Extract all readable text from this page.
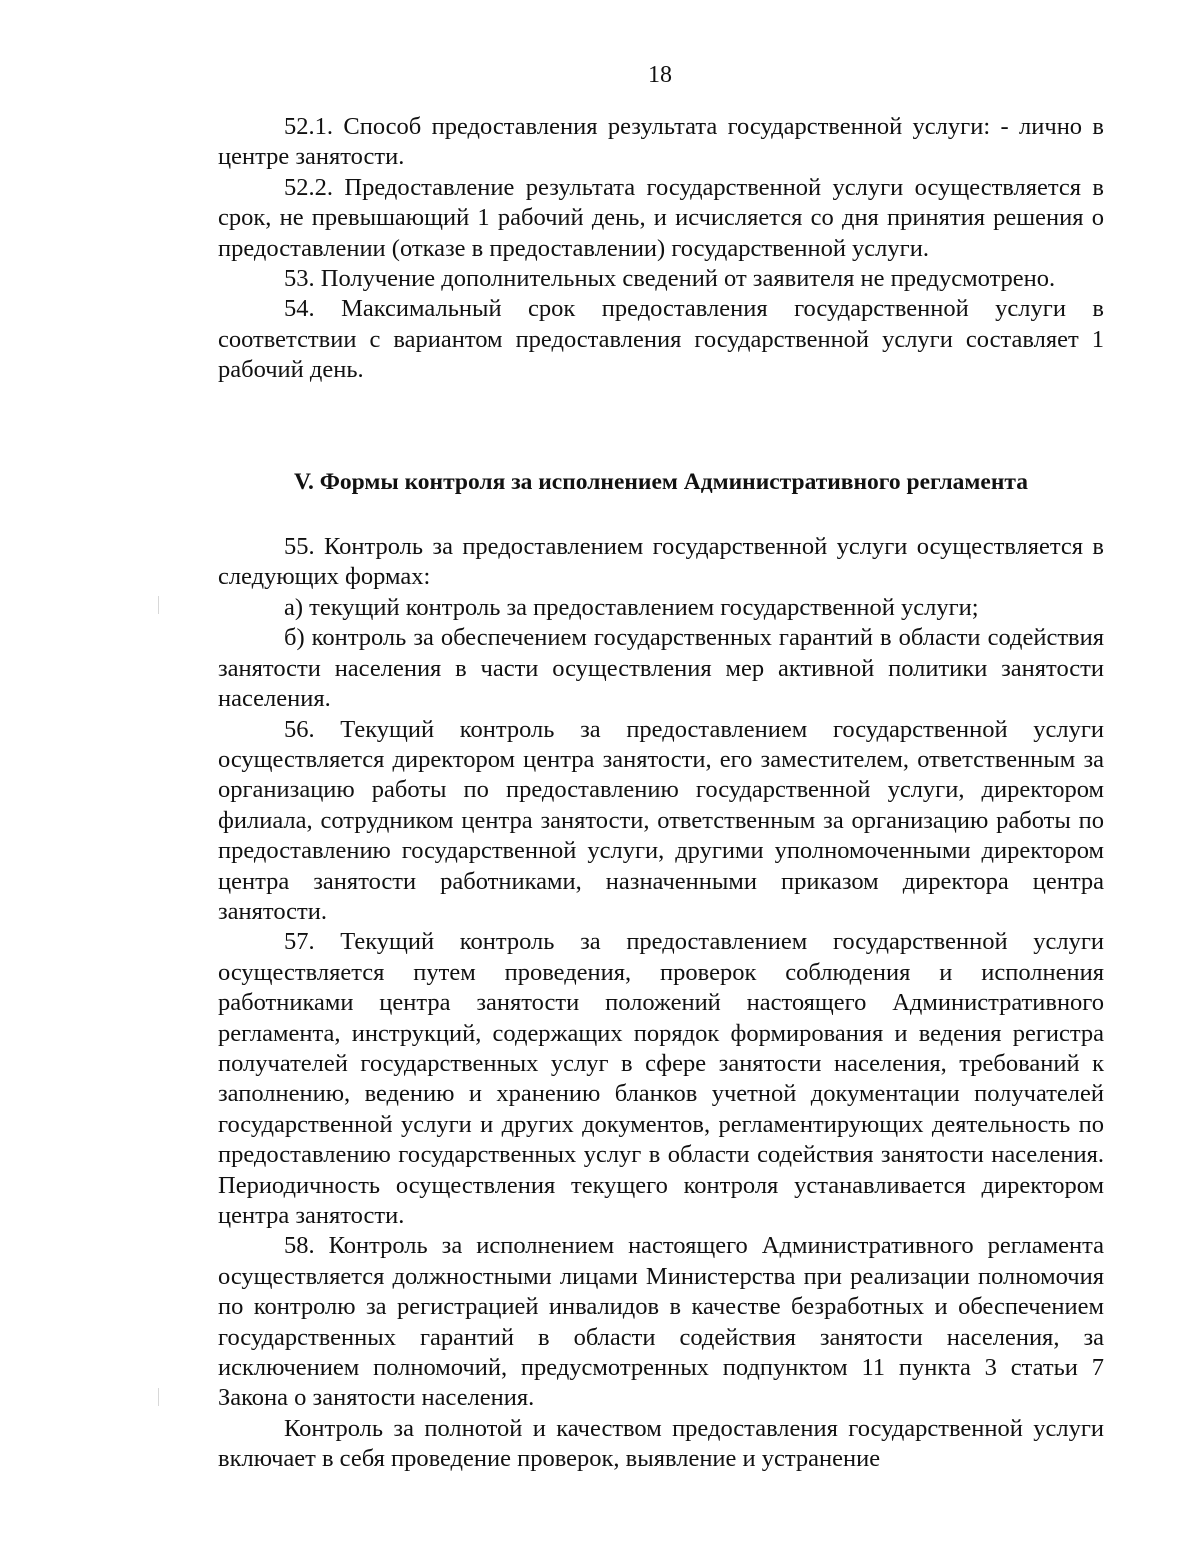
18

52.1. Способ предоставления результата государственной услуги: - лично в центре занятости.

52.2. Предоставление результата государственной услуги осуществляется в срок, не превышающий 1 рабочий день, и исчисляется со дня принятия решения о предоставлении (отказе в предоставлении) государственной услуги.

53. Получение дополнительных сведений от заявителя не предусмотрено.

54. Максимальный срок предоставления государственной услуги в соответствии с вариантом предоставления государственной услуги составляет 1 рабочий день.

V. Формы контроля за исполнением Административного регламента

55. Контроль за предоставлением государственной услуги осуществляется в следующих формах:

а) текущий контроль за предоставлением государственной услуги;

б) контроль за обеспечением государственных гарантий в области содействия занятости населения в части осуществления мер активной политики занятости населения.

56. Текущий контроль за предоставлением государственной услуги осуществляется директором центра занятости, его заместителем, ответственным за организацию работы по предоставлению государственной услуги, директором филиала, сотрудником центра занятости, ответственным за организацию работы по предоставлению государственной услуги, другими уполномоченными директором центра занятости работниками, назначенными приказом директора центра занятости.

57. Текущий контроль за предоставлением государственной услуги осуществляется путем проведения, проверок соблюдения и исполнения работниками центра занятости положений настоящего Административного регламента, инструкций, содержащих порядок формирования и ведения регистра получателей государственных услуг в сфере занятости населения, требований к заполнению, ведению и хранению бланков учетной документации получателей государственной услуги и других документов, регламентирующих деятельность по предоставлению государственных услуг в области содействия занятости населения. Периодичность осуществления текущего контроля устанавливается директором центра занятости.

58. Контроль за исполнением настоящего Административного регламента осуществляется должностными лицами Министерства при реализации полномочия по контролю за регистрацией инвалидов в качестве безработных и обеспечением государственных гарантий в области содействия занятости населения, за исключением полномочий, предусмотренных подпунктом 11 пункта 3 статьи 7 Закона о занятости населения.

Контроль за полнотой и качеством предоставления государственной услуги включает в себя проведение проверок, выявление и устранение
